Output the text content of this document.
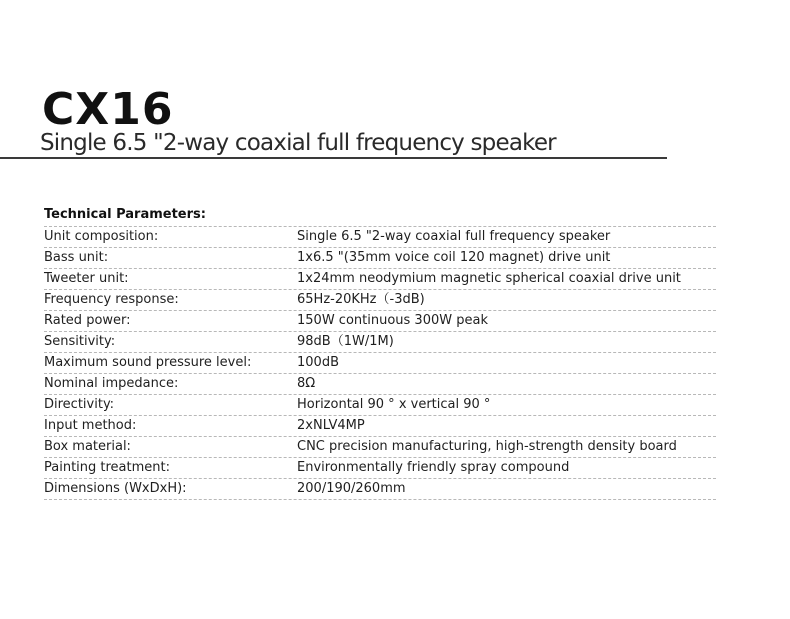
CX16
Single 6.5 "2-way coaxial full frequency speaker
Technical Parameters:
Unit composition:	Single 6.5 "2-way coaxial full frequency speaker
Bass unit:	1x6.5 "(35mm voice coil 120 magnet) drive unit
Tweeter unit:	1x24mm neodymium magnetic spherical coaxial drive unit
Frequency response:	65Hz-20KHz（-3dB)
Rated power:	150W continuous 300W peak
Sensitivity:	98dB（1W/1M)
Maximum sound pressure level:	100dB
Nominal impedance:	8Ω
Directivity:	Horizontal 90 ° x vertical 90 °
Input method:	2xNLV4MP
Box material:	CNC precision manufacturing, high-strength density board
Painting treatment:	Environmentally friendly spray compound
Dimensions (WxDxH):	200/190/260mm
